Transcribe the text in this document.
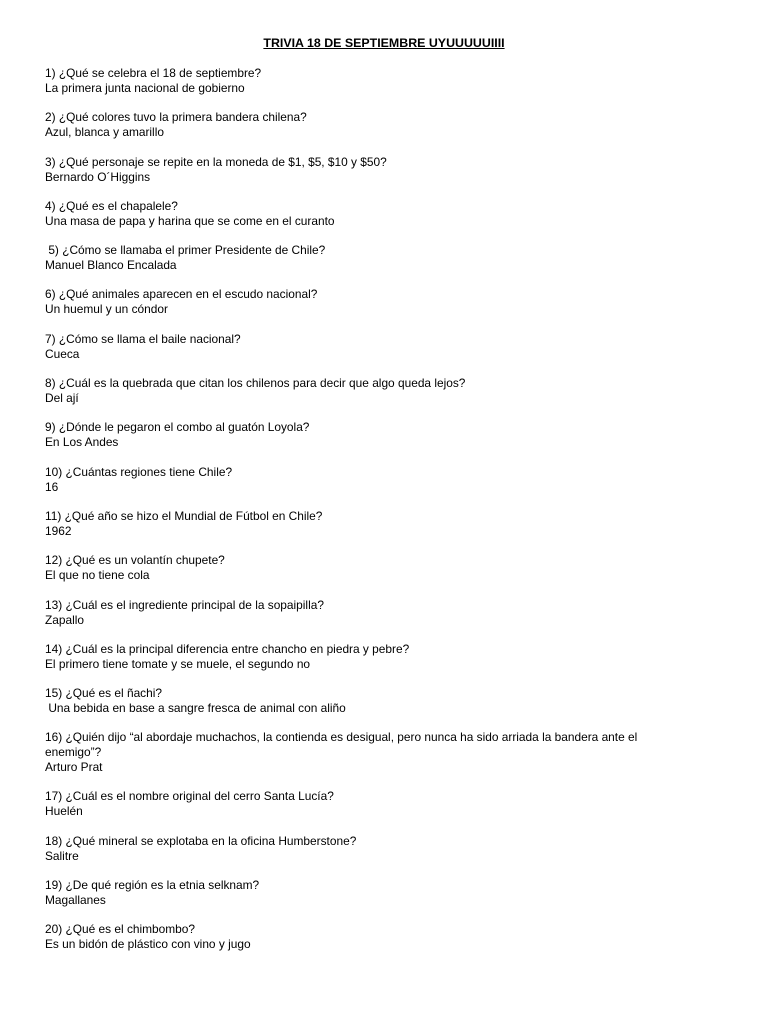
TRIVIA 18 DE SEPTIEMBRE UYUUUUUIIII
1) ¿Qué se celebra el 18 de septiembre?
La primera junta nacional de gobierno
2) ¿Qué colores tuvo la primera bandera chilena?
Azul, blanca y amarillo
3) ¿Qué personaje se repite en la moneda de $1, $5, $10 y $50?
Bernardo O´Higgins
4) ¿Qué es el chapalele?
Una masa de papa y harina que se come en el curanto
5) ¿Cómo se llamaba el primer Presidente de Chile?
Manuel Blanco Encalada
6) ¿Qué animales aparecen en el escudo nacional?
Un huemul y un cóndor
7) ¿Cómo se llama el baile nacional?
Cueca
8) ¿Cuál es la quebrada que citan los chilenos para decir que algo queda lejos?
Del ají
9) ¿Dónde le pegaron el combo al guatón Loyola?
En Los Andes
10) ¿Cuántas regiones tiene Chile?
16
11) ¿Qué año se hizo el Mundial de Fútbol en Chile?
1962
12) ¿Qué es un volantín chupete?
El que no tiene cola
13) ¿Cuál es el ingrediente principal de la sopaipilla?
Zapallo
14) ¿Cuál es la principal diferencia entre chancho en piedra y pebre?
El primero tiene tomate y se muele, el segundo no
15) ¿Qué es el ñachi?
Una bebida en base a sangre fresca de animal con aliño
16) ¿Quién dijo “al abordaje muchachos, la contienda es desigual, pero nunca ha sido arriada la bandera ante el
enemigo”?
Arturo Prat
17) ¿Cuál es el nombre original del cerro Santa Lucía?
Huelén
18) ¿Qué mineral se explotaba en la oficina Humberstone?
Salitre
19) ¿De qué región es la etnia selknam?
Magallanes
20) ¿Qué es el chimbombo?
Es un bidón de plástico con vino y jugo
